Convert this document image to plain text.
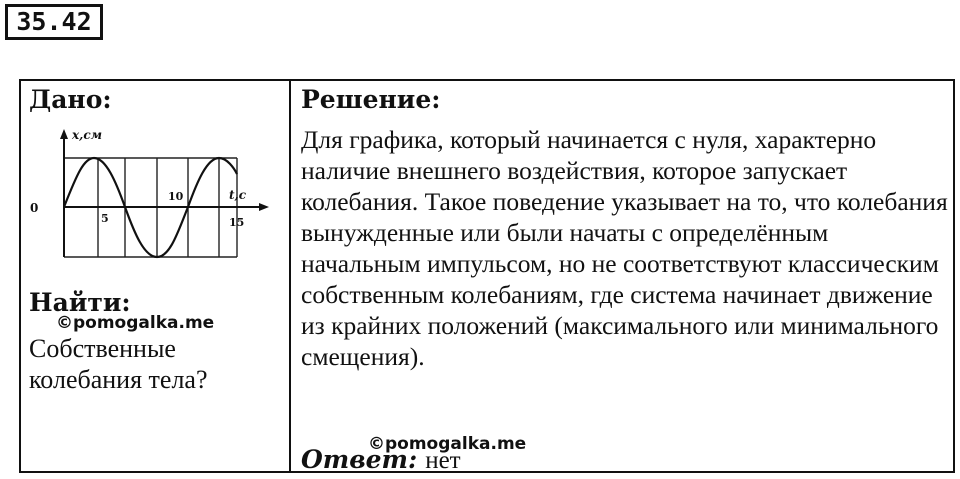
35.42
Дано:
Найти:
Собственные колебания тела?
Решение:
Для графика, который начинается с нуля, характерно наличие внешнего воздействия, которое запускает колебания. Такое поведение указывает на то, что колебания вынужденные или были начаты с определённым начальным импульсом, но не соответствуют классическим собственным колебаниям, где система начинает движение из крайних положений (максимального или минимального смещения).
Ответ: нет
x,см
t,c
0
5
10
15
©pomogalka.me
©pomogalka.me
